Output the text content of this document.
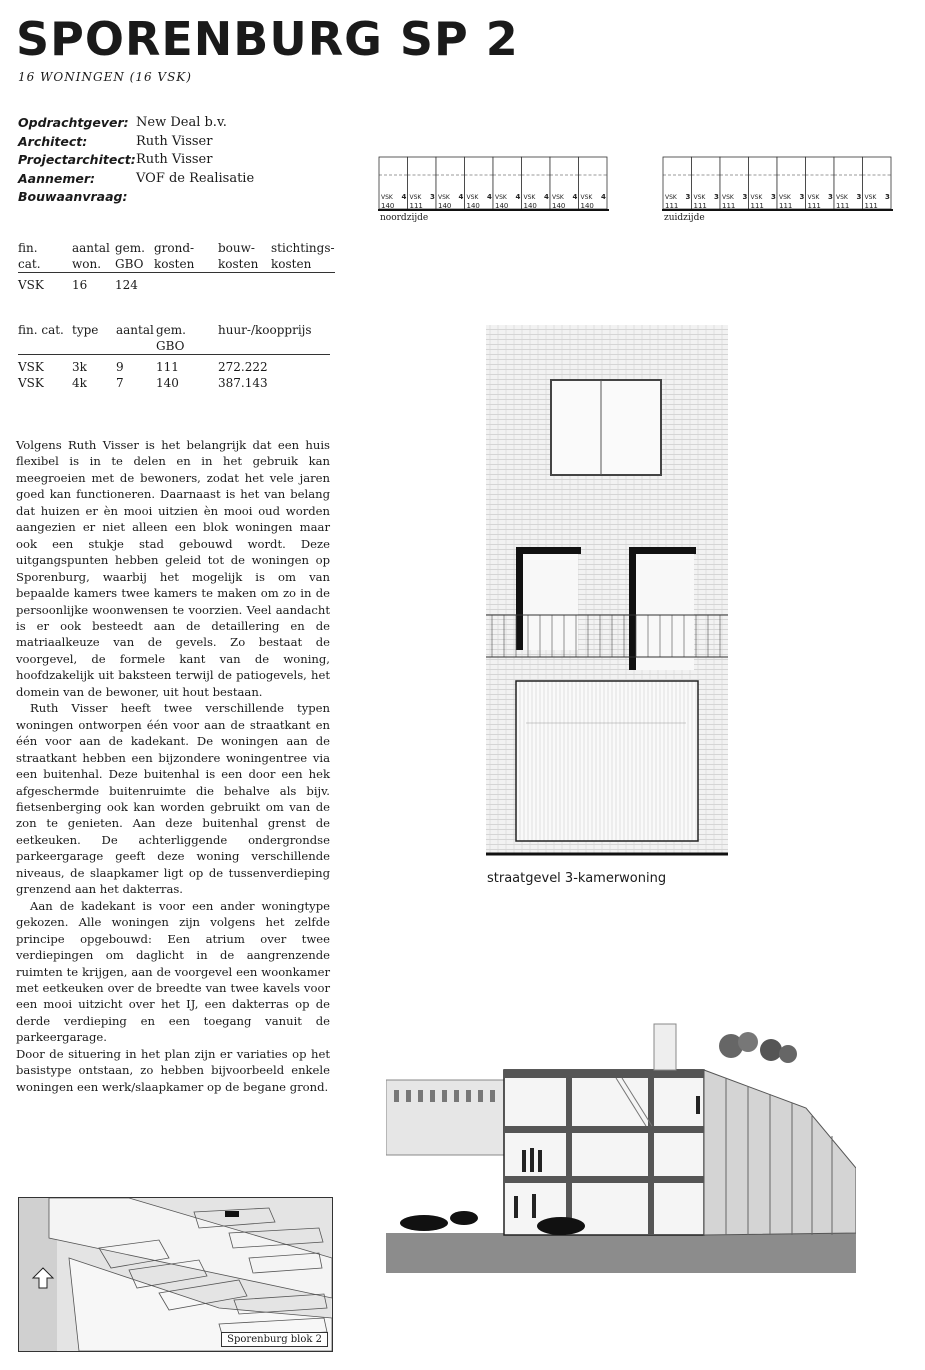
SPORENBURG SP 2
16 WONINGEN (16 VSK)
Opdrachtgever: New Deal b.v.
Architect:	Ruth Visser
Projectarchitect: Ruth Visser
Aannemer:	VOF de Realisatie
Bouwaanvraag:
fin.	aantal	gem.	grond-	bouw-	stichtings-
cat.	won.	GBO	kosten	kosten	kosten
VSK	16	124			
fin. cat.	type	aantal	gem. GBO	huur-/koopprijs
VSK	3k	9	111	272.222
VSK	4k	7	140	387.143

Volgens Ruth Visser is het belangrijk dat een huis flexibel is in te delen en in het gebruik kan meegroeien met de bewoners, zodat het vele jaren goed kan functioneren. Daarnaast is het van belang dat huizen er èn mooi uitzien èn mooi oud worden aangezien er niet alleen een blok woningen maar ook een stukje stad gebouwd wordt. Deze uitgangspunten hebben geleid tot de woningen op Sporenburg, waarbij het mogelijk is om van bepaalde kamers twee kamers te maken om zo in de persoonlijke woonwensen te voorzien. Veel aandacht is er ook besteedt aan de detaillering en de matriaalkeuze van de gevels. Zo bestaat de voorgevel, de formele kant van de woning, hoofdzakelijk uit baksteen terwijl de patiogevels, het domein van de bewoner, uit hout bestaan.

Ruth Visser heeft twee verschillende typen woningen ontworpen één voor aan de straatkant en één voor aan de kadekant. De woningen aan de straatkant hebben een bijzondere woningentree via een buitenhal. Deze buitenhal is een door een hek afgeschermde buitenruimte die behalve als bijv. fietsenberging ook kan worden gebruikt om van de zon te genieten. Aan deze buitenhal grenst de eetkeuken. De achterliggende ondergrondse parkeergarage geeft deze woning verschillende niveaus, de slaapkamer ligt op de tussenverdieping grenzend aan het dakterras.

Aan de kadekant is voor een ander woningtype gekozen. Alle woningen zijn volgens het zelfde principe opgebouwd: Een atrium over twee verdiepingen om daglicht in de aangrenzende ruimten te krijgen, aan de voorgevel een woonkamer met eetkeuken over de breedte van twee kavels voor een mooi uitzicht over het IJ, een dakterras op de derde verdieping en een toegang vanuit de parkeergarage.

Door de situering in het plan zijn er variaties op het basistype ontstaan, zo hebben bijvoorbeeld enkele woningen een werk/slaapkamer op de begane grond.

VSK 4
140
VSK 3
111
VSK 4
140
VSK 4
140
VSK 4
140
VSK 4
140
VSK 4
140
VSK 4
140
noordzijde
VSK 3
111
VSK 3
111
VSK 3
111
VSK 3
111
VSK 3
111
VSK 3
111
VSK 3
111
VSK 3
111
zuidzijde
straatgevel 3-kamerwoning
Sporenburg blok 2
